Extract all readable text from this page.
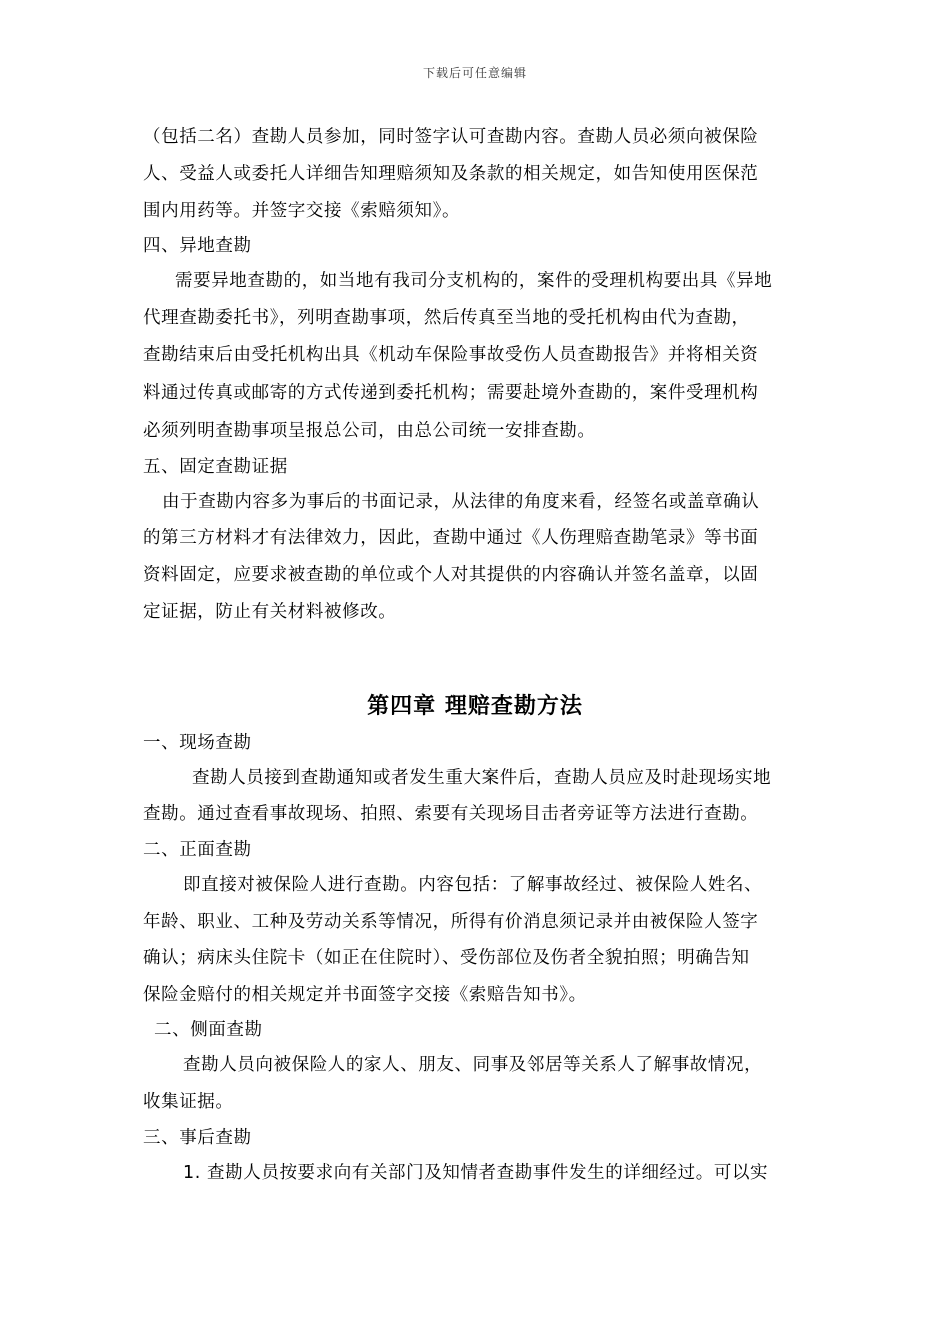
下载后可任意编辑
（包括二名）查勘人员参加，同时签字认可查勘内容。查勘人员必须向被保险
人、受益人或委托人详细告知理赔须知及条款的相关规定，如告知使用医保范
围内用药等。并签字交接《索赔须知》。
四、异地查勘
需要异地查勘的，如当地有我司分支机构的，案件的受理机构要出具《异地
代理查勘委托书》，列明查勘事项，然后传真至当地的受托机构由代为查勘，
查勘结束后由受托机构出具《机动车保险事故受伤人员查勘报告》并将相关资
料通过传真或邮寄的方式传递到委托机构；需要赴境外查勘的，案件受理机构
必须列明查勘事项呈报总公司，由总公司统一安排查勘。
五、固定查勘证据
由于查勘内容多为事后的书面记录，从法律的角度来看，经签名或盖章确认
的第三方材料才有法律效力，因此，查勘中通过《人伤理赔查勘笔录》等书面
资料固定，应要求被查勘的单位或个人对其提供的内容确认并签名盖章，以固
定证据，防止有关材料被修改。
第四章 理赔查勘方法
一、现场查勘
查勘人员接到查勘通知或者发生重大案件后，查勘人员应及时赴现场实地
查勘。通过查看事故现场、拍照、索要有关现场目击者旁证等方法进行查勘。
二、正面查勘
即直接对被保险人进行查勘。内容包括：了解事故经过、被保险人姓名、
年龄、职业、工种及劳动关系等情况，所得有价消息须记录并由被保险人签字
确认；病床头住院卡（如正在住院时）、受伤部位及伤者全貌拍照；明确告知
保险金赔付的相关规定并书面签字交接《索赔告知书》。
二、侧面查勘
查勘人员向被保险人的家人、朋友、同事及邻居等关系人了解事故情况，
收集证据。
三、事后查勘
1. 查勘人员按要求向有关部门及知情者查勘事件发生的详细经过。可以实
